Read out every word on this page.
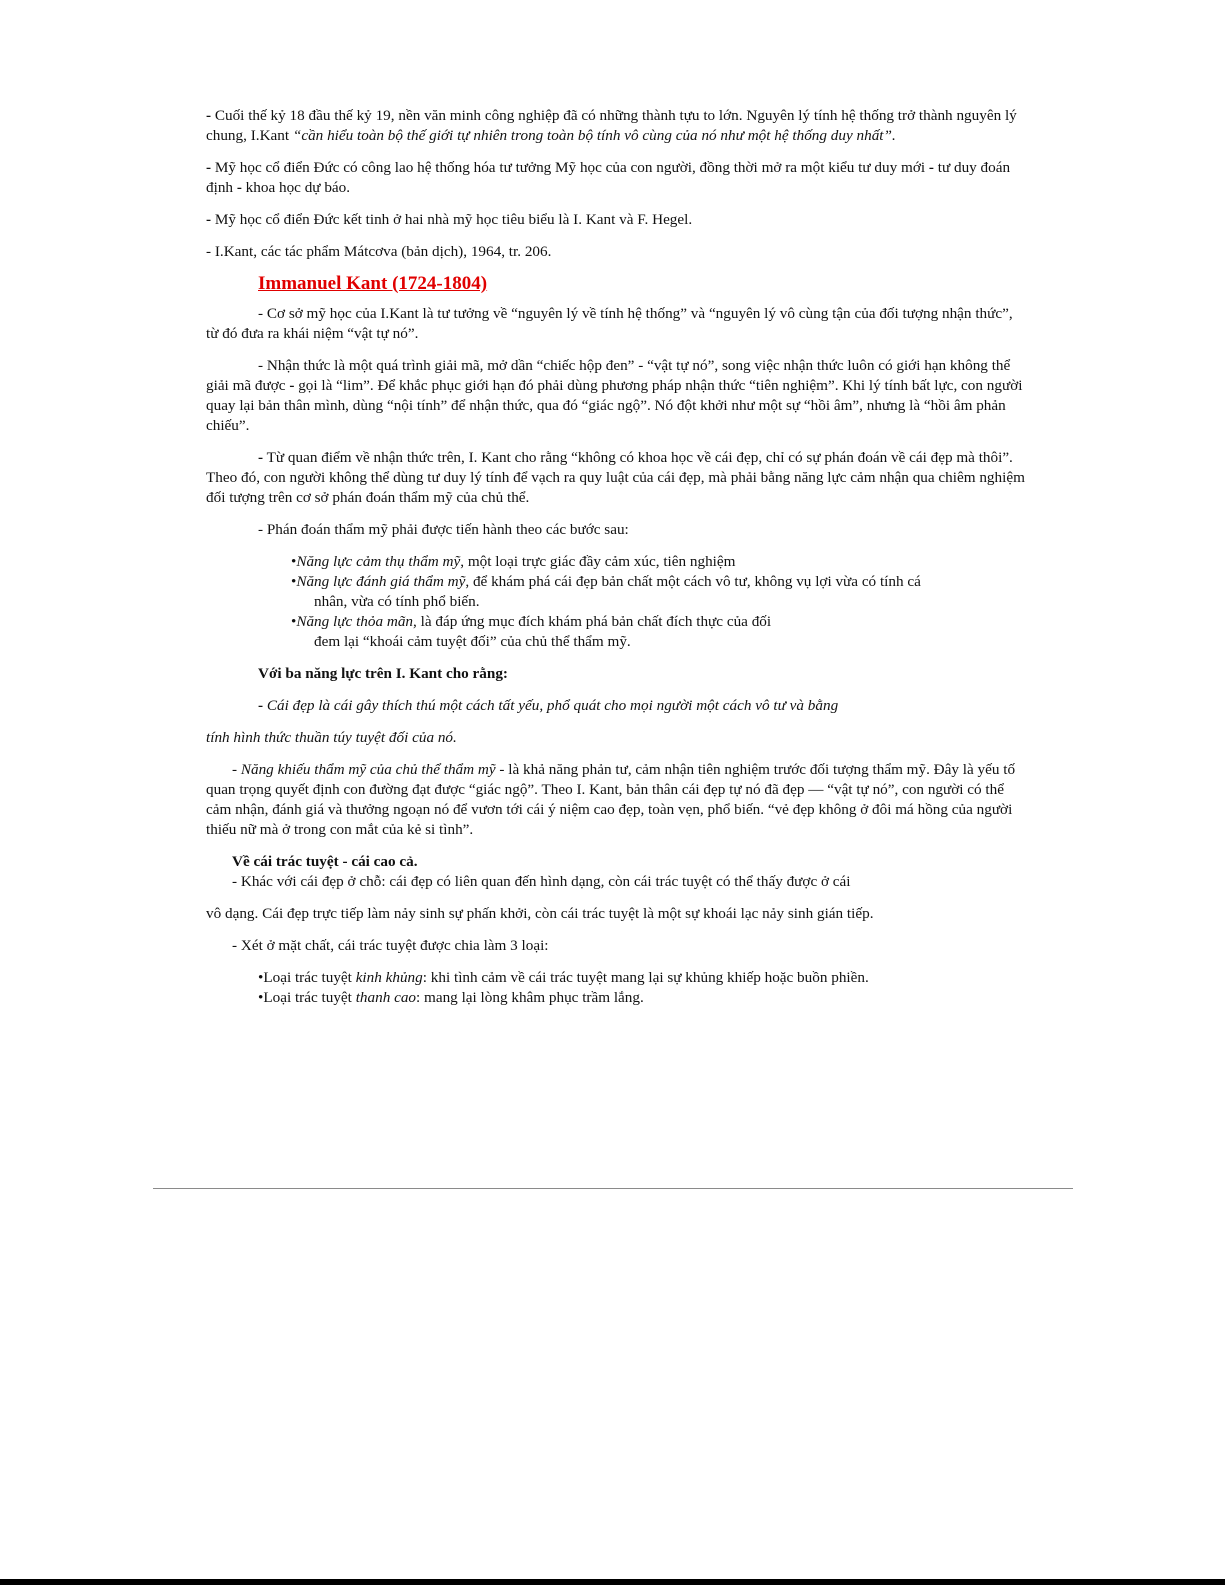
- Cuối thế kỷ 18 đầu thế kỷ 19, nền văn minh công nghiệp đã có những thành tựu to lớn. Nguyên lý tính hệ thống trở thành nguyên lý chung, I.Kant “cần hiểu toàn bộ thế giới tự nhiên trong toàn bộ tính vô cùng của nó như một hệ thống duy nhất”.

- Mỹ học cổ điển Đức có công lao hệ thống hóa tư tưởng Mỹ học của con người, đồng thời mở ra một kiểu tư duy mới - tư duy đoán định - khoa học dự báo.

- Mỹ học cổ điển Đức kết tinh ở hai nhà mỹ học tiêu biểu là I. Kant và F. Hegel.

- I.Kant, các tác phẩm Mátcơva (bản dịch), 1964, tr. 206.

Immanuel Kant (1724-1804)

- Cơ sở mỹ học của I.Kant là tư tưởng về “nguyên lý về tính hệ thống” và “nguyên lý vô cùng tận của đối tượng nhận thức”, từ đó đưa ra khái niệm “vật tự nó”.

- Nhận thức là một quá trình giải mã, mở dần “chiếc hộp đen” - “vật tự nó”, song việc nhận thức luôn có giới hạn không thể giải mã được - gọi là “lim”. Để khắc phục giới hạn đó phải dùng phương pháp nhận thức “tiên nghiệm”. Khi lý tính bất lực, con người quay lại bản thân mình, dùng “nội tính” để nhận thức, qua đó “giác ngộ”. Nó đột khởi như một sự “hồi âm”, nhưng là “hồi âm phản chiếu”.

- Từ quan điểm về nhận thức trên, I. Kant cho rằng “không có khoa học về cái đẹp, chỉ có sự phán đoán về cái đẹp mà thôi”. Theo đó, con người không thể dùng tư duy lý tính để vạch ra quy luật của cái đẹp, mà phải bằng năng lực cảm nhận qua chiêm nghiệm đối tượng trên cơ sở phán đoán thẩm mỹ của chủ thể.

- Phán đoán thẩm mỹ phải được tiến hành theo các bước sau:

•Năng lực cảm thụ thẩm mỹ, một loại trực giác đầy cảm xúc, tiên nghiệm

•Năng lực đánh giá thẩm mỹ, để khám phá cái đẹp bản chất một cách vô tư, không vụ lợi vừa có tính cá
nhân, vừa có tính phổ biến.

•Năng lực thỏa mãn, là đáp ứng mục đích khám phá bản chất đích thực của đối
đem lại “khoái cảm tuyệt đối” của chủ thể thẩm mỹ.

Với ba năng lực trên I. Kant cho rằng:

- Cái đẹp là cái gây thích thú một cách tất yếu, phổ quát cho mọi người một cách vô tư và bằng

tính hình thức thuần túy tuyệt đối của nó.

- Năng khiếu thẩm mỹ của chủ thể thẩm mỹ - là khả năng phản tư, cảm nhận tiên nghiệm trước đối tượng thẩm mỹ. Đây là yếu tố quan trọng quyết định con đường đạt được “giác ngộ”. Theo I. Kant, bản thân cái đẹp tự nó đã đẹp — “vật tự nó”, con người có thể cảm nhận, đánh giá và thưởng ngoạn nó để vươn tới cái ý niệm cao đẹp, toàn vẹn, phổ biến. “vẻ đẹp không ở đôi má hồng của người thiếu nữ mà ở trong con mắt của kẻ si tình”.

Về cái trác tuyệt - cái cao cả.

- Khác với cái đẹp ở chỗ: cái đẹp có liên quan đến hình dạng, còn cái trác tuyệt có thể thấy được ở cái

vô dạng. Cái đẹp trực tiếp làm nảy sinh sự phấn khởi, còn cái trác tuyệt là một sự khoái lạc nảy sinh gián tiếp.

- Xét ở mặt chất, cái trác tuyệt được chia làm 3 loại:

•Loại trác tuyệt kinh khủng: khi tình cảm về cái trác tuyệt mang lại sự khủng khiếp hoặc buồn phiền.

•Loại trác tuyệt thanh cao: mang lại lòng khâm phục trầm lắng.
